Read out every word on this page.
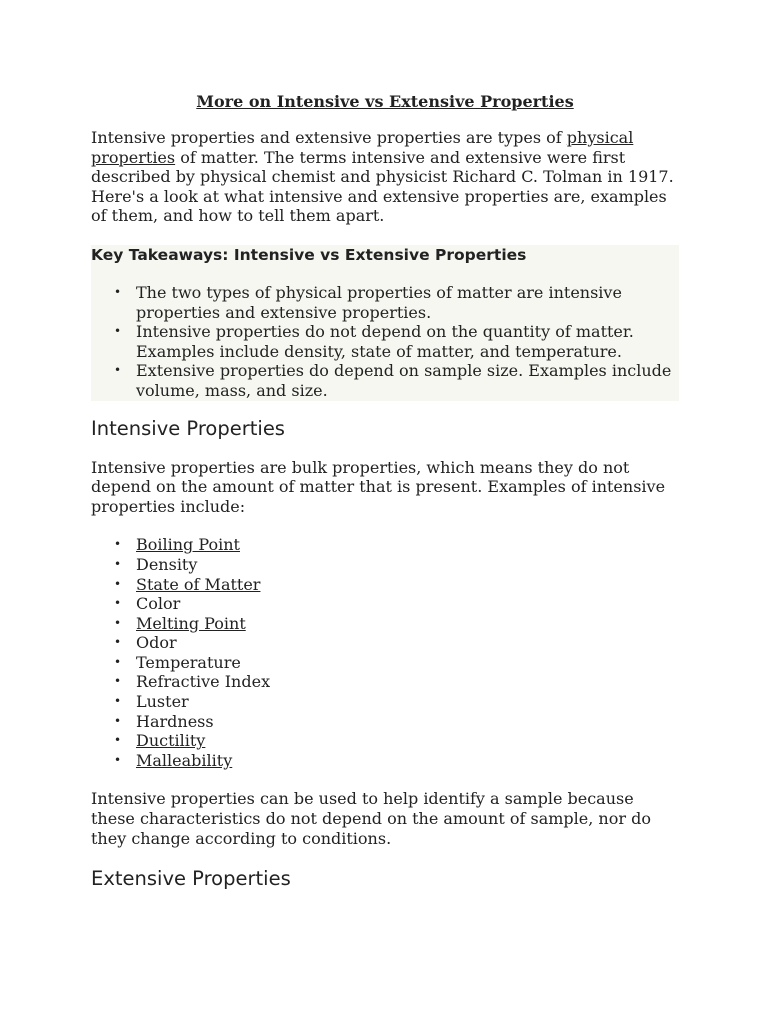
More on Intensive vs Extensive Properties

Intensive properties and extensive properties are types of physical properties of matter. The terms intensive and extensive were first described by physical chemist and physicist Richard C. Tolman in 1917. Here's a look at what intensive and extensive properties are, examples of them, and how to tell them apart.

Key Takeaways: Intensive vs Extensive Properties
• The two types of physical properties of matter are intensive properties and extensive properties.
• Intensive properties do not depend on the quantity of matter. Examples include density, state of matter, and temperature.
• Extensive properties do depend on sample size. Examples include volume, mass, and size.
Intensive Properties

Intensive properties are bulk properties, which means they do not depend on the amount of matter that is present. Examples of intensive properties include:

• Boiling Point
• Density
• State of Matter
• Color
• Melting Point
• Odor
• Temperature
• Refractive Index
• Luster
• Hardness
• Ductility
• Malleability

Intensive properties can be used to help identify a sample because these characteristics do not depend on the amount of sample, nor do they change according to conditions.

Extensive Properties
